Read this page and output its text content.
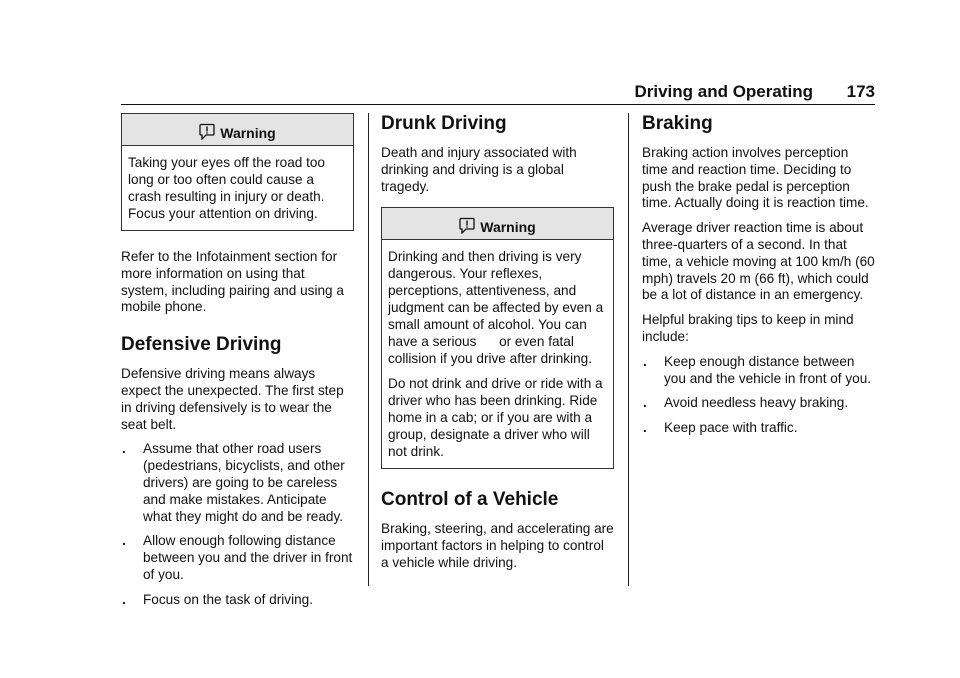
Driving and Operating 173
Warning

Taking your eyes off the road too long or too often could cause a crash resulting in injury or death. Focus your attention on driving.

Refer to the Infotainment section for more information on using that system, including pairing and using a mobile phone.

Defensive Driving

Defensive driving means always expect the unexpected. The first step in driving defensively is to wear the seat belt.

. Assume that other road users (pedestrians, bicyclists, and other drivers) are going to be careless and make mistakes. Anticipate what they might do and be ready.
. Allow enough following distance between you and the driver in front of you.
. Focus on the task of driving.
Drunk Driving

Death and injury associated with drinking and driving is a global tragedy.

Warning

Drinking and then driving is very dangerous. Your reflexes, perceptions, attentiveness, and judgment can be affected by even a small amount of alcohol. You can have a serious      or even fatal      collision if you drive after drinking.

Do not drink and drive or ride with a driver who has been drinking. Ride home in a cab; or if you are with a group, designate a driver who will not drink.

Control of a Vehicle

Braking, steering, and accelerating are important factors in helping to control a vehicle while driving.

Braking

Braking action involves perception time and reaction time. Deciding to push the brake pedal is perception time. Actually doing it is reaction time.

Average driver reaction time is about three-quarters of a second. In that time, a vehicle moving at 100 km/h (60 mph) travels 20 m (66 ft), which could be a lot of distance in an emergency.

Helpful braking tips to keep in mind include:

. Keep enough distance between you and the vehicle in front of you.
. Avoid needless heavy braking.
. Keep pace with traffic.
